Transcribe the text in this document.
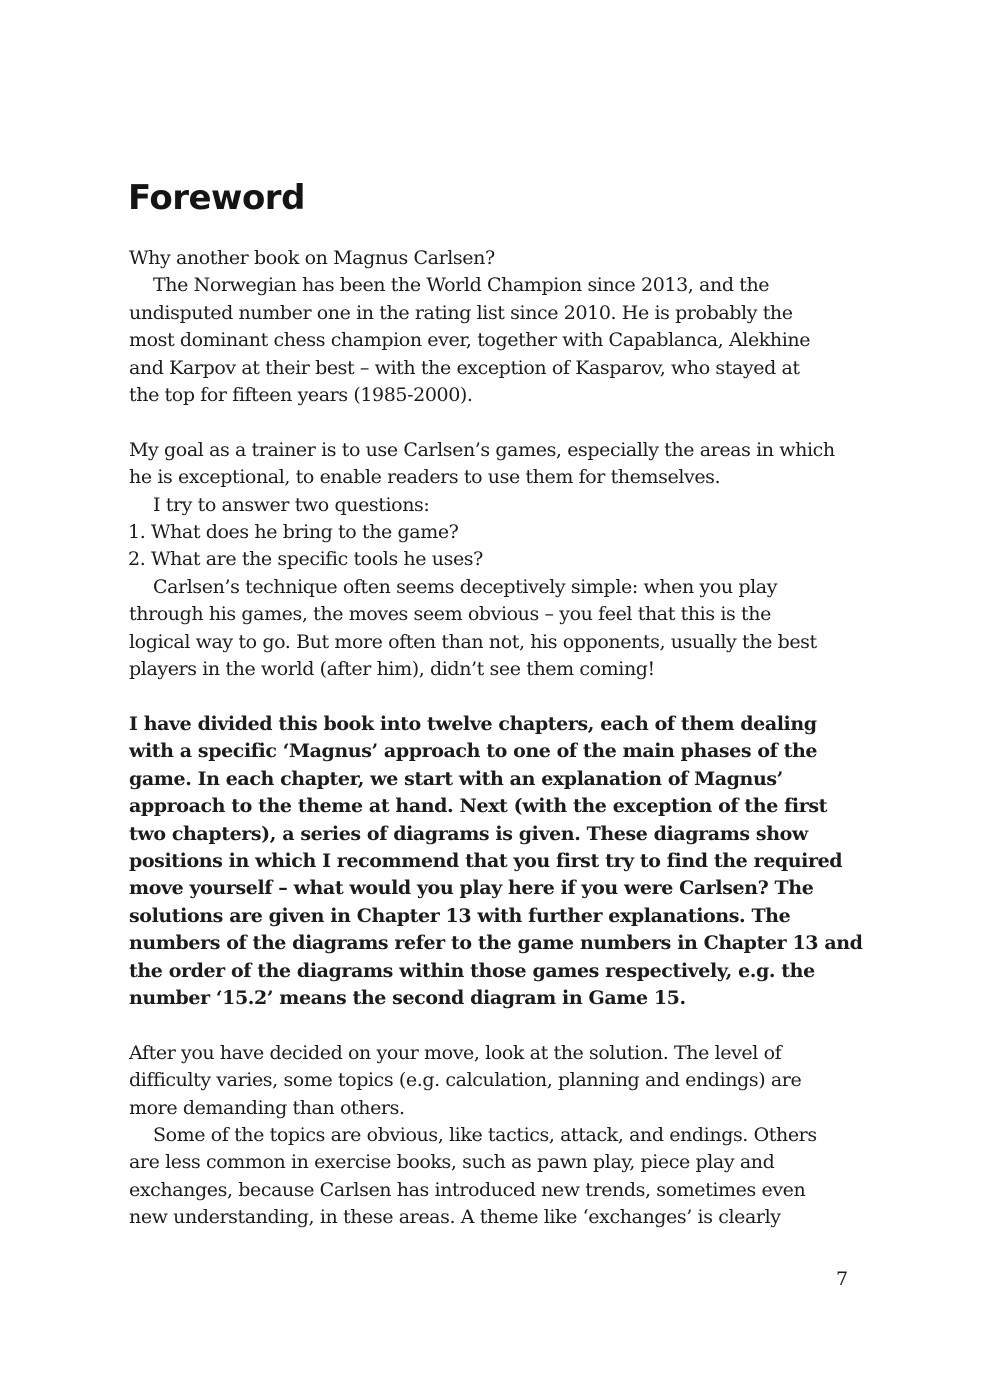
Foreword

Why another book on Magnus Carlsen?

The Norwegian has been the World Champion since 2013, and the
undisputed number one in the rating list since 2010. He is probably the
most dominant chess champion ever, together with Capablanca, Alekhine
and Karpov at their best – with the exception of Kasparov, who stayed at
the top for fifteen years (1985-2000).

My goal as a trainer is to use Carlsen’s games, especially the areas in which
he is exceptional, to enable readers to use them for themselves.

I try to answer two questions:

1. What does he bring to the game?
2. What are the specific tools he uses?

Carlsen’s technique often seems deceptively simple: when you play
through his games, the moves seem obvious – you feel that this is the
logical way to go. But more often than not, his opponents, usually the best
players in the world (after him), didn’t see them coming!

I have divided this book into twelve chapters, each of them dealing
with a specific ‘Magnus’ approach to one of the main phases of the
game. In each chapter, we start with an explanation of Magnus’
approach to the theme at hand. Next (with the exception of the first
two chapters), a series of diagrams is given. These diagrams show
positions in which I recommend that you first try to find the required
move yourself – what would you play here if you were Carlsen? The
solutions are given in Chapter 13 with further explanations. The
numbers of the diagrams refer to the game numbers in Chapter 13 and
the order of the diagrams within those games respectively, e.g. the
number ‘15.2’ means the second diagram in Game 15.

After you have decided on your move, look at the solution. The level of
difficulty varies, some topics (e.g. calculation, planning and endings) are
more demanding than others.

Some of the topics are obvious, like tactics, attack, and endings. Others
are less common in exercise books, such as pawn play, piece play and
exchanges, because Carlsen has introduced new trends, sometimes even
new understanding, in these areas. A theme like ‘exchanges’ is clearly

7
